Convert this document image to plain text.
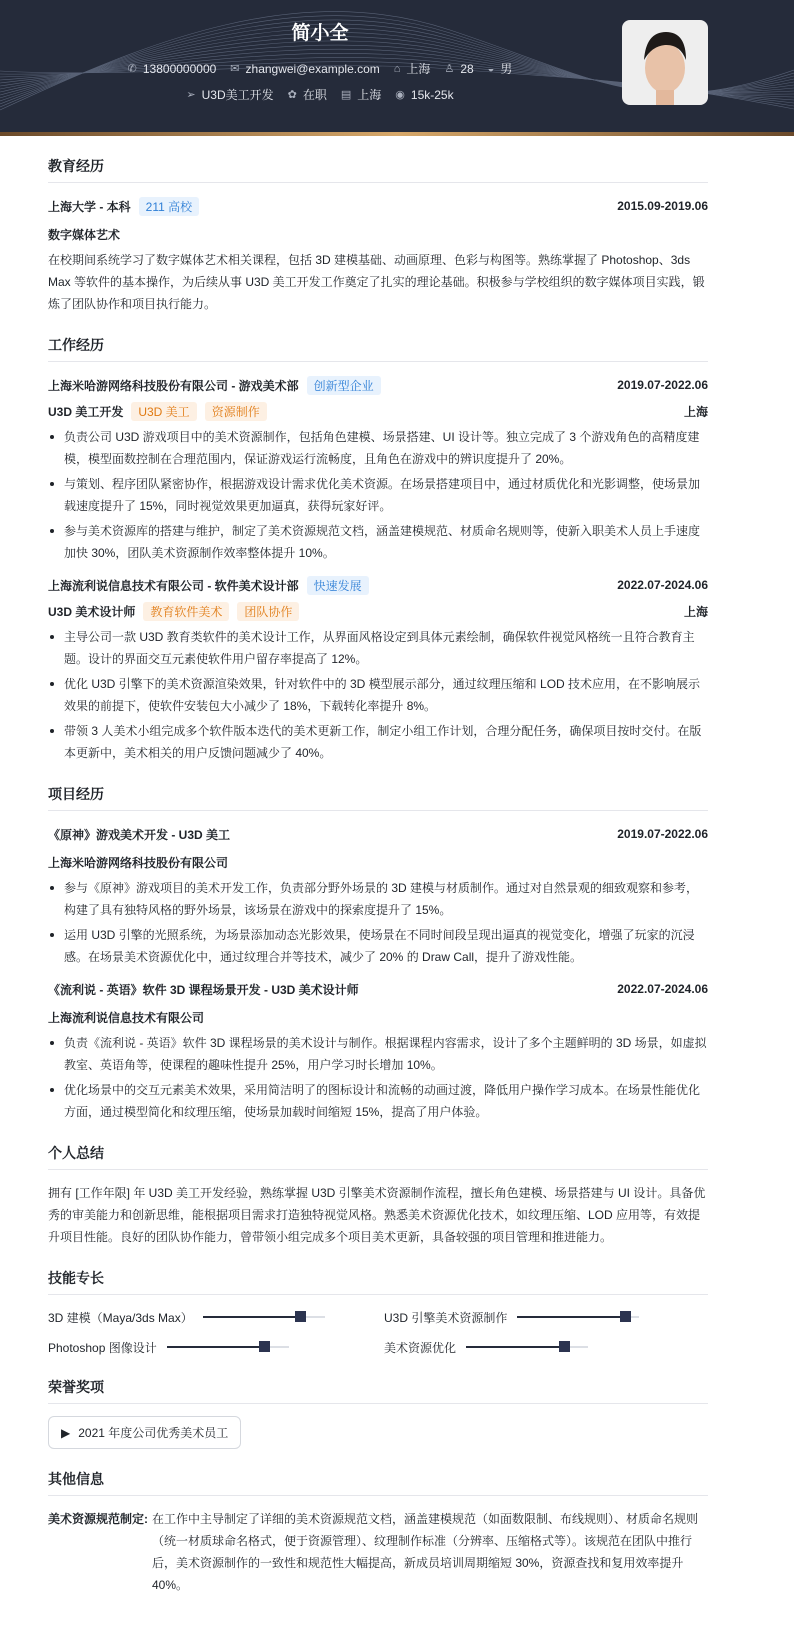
简小全
✆ 13800000000 ✉ zhangwei@example.com ⌂ 上海 ♙ 28 ◒ 男
➢ U3D美工开发 ✿ 在职 ▤ 上海 ◉ 15k-25k
教育经历
上海大学 - 本科	211 高校	2015.09-2019.06
数字媒体艺术
在校期间系统学习了数字媒体艺术相关课程，包括 3D 建模基础、动画原理、色彩与构图等。熟练掌握了 Photoshop、3ds Max 等软件的基本操作，为后续从事 U3D 美工开发工作奠定了扎实的理论基础。积极参与学校组织的数字媒体项目实践，锻炼了团队协作和项目执行能力。
工作经历
上海米哈游网络科技股份有限公司 - 游戏美术部	创新型企业	2019.07-2022.06
U3D 美工开发	U3D 美工	资源制作	上海
负责公司 U3D 游戏项目中的美术资源制作，包括角色建模、场景搭建、UI 设计等。独立完成了 3 个游戏角色的高精度建模，模型面数控制在合理范围内，保证游戏运行流畅度，且角色在游戏中的辨识度提升了 20%。
与策划、程序团队紧密协作，根据游戏设计需求优化美术资源。在场景搭建项目中，通过材质优化和光影调整，使场景加载速度提升了 15%，同时视觉效果更加逼真，获得玩家好评。
参与美术资源库的搭建与维护，制定了美术资源规范文档，涵盖建模规范、材质命名规则等，使新入职美术人员上手速度加快 30%，团队美术资源制作效率整体提升 10%。
上海流利说信息技术有限公司 - 软件美术设计部	快速发展	2022.07-2024.06
U3D 美术设计师	教育软件美术	团队协作	上海
主导公司一款 U3D 教育类软件的美术设计工作，从界面风格设定到具体元素绘制，确保软件视觉风格统一且符合教育主题。设计的界面交互元素使软件用户留存率提高了 12%。
优化 U3D 引擎下的美术资源渲染效果，针对软件中的 3D 模型展示部分，通过纹理压缩和 LOD 技术应用，在不影响展示效果的前提下，使软件安装包大小减少了 18%，下载转化率提升 8%。
带领 3 人美术小组完成多个软件版本迭代的美术更新工作，制定小组工作计划，合理分配任务，确保项目按时交付。在版本更新中，美术相关的用户反馈问题减少了 40%。
项目经历
《原神》游戏美术开发 - U3D 美工	2019.07-2022.06
上海米哈游网络科技股份有限公司
参与《原神》游戏项目的美术开发工作，负责部分野外场景的 3D 建模与材质制作。通过对自然景观的细致观察和参考，构建了具有独特风格的野外场景，该场景在游戏中的探索度提升了 15%。
运用 U3D 引擎的光照系统，为场景添加动态光影效果，使场景在不同时间段呈现出逼真的视觉变化，增强了玩家的沉浸感。在场景美术资源优化中，通过纹理合并等技术，减少了 20% 的 Draw Call，提升了游戏性能。
《流利说 - 英语》软件 3D 课程场景开发 - U3D 美术设计师	2022.07-2024.06
上海流利说信息技术有限公司
负责《流利说 - 英语》软件 3D 课程场景的美术设计与制作。根据课程内容需求，设计了多个主题鲜明的 3D 场景，如虚拟教室、英语角等，使课程的趣味性提升 25%，用户学习时长增加 10%。
优化场景中的交互元素美术效果，采用简洁明了的图标设计和流畅的动画过渡，降低用户操作学习成本。在场景性能优化方面，通过模型简化和纹理压缩，使场景加载时间缩短 15%，提高了用户体验。
个人总结
拥有 [工作年限] 年 U3D 美工开发经验，熟练掌握 U3D 引擎美术资源制作流程，擅长角色建模、场景搭建与 UI 设计。具备优秀的审美能力和创新思维，能根据项目需求打造独特视觉风格。熟悉美术资源优化技术，如纹理压缩、LOD 应用等，有效提升项目性能。良好的团队协作能力，曾带领小组完成多个项目美术更新，具备较强的项目管理和推进能力。
技能专长
3D 建模（Maya/3ds Max）	U3D 引擎美术资源制作
Photoshop 图像设计	美术资源优化
荣誉奖项
▶ 2021 年度公司优秀美术员工
其他信息
美术资源规范制定: 在工作中主导制定了详细的美术资源规范文档，涵盖建模规范（如面数限制、布线规则）、材质命名规则（统一材质球命名格式，便于资源管理）、纹理制作标准（分辨率、压缩格式等）。该规范在团队中推行后，美术资源制作的一致性和规范性大幅提高，新成员培训周期缩短 30%，资源查找和复用效率提升 40%。
